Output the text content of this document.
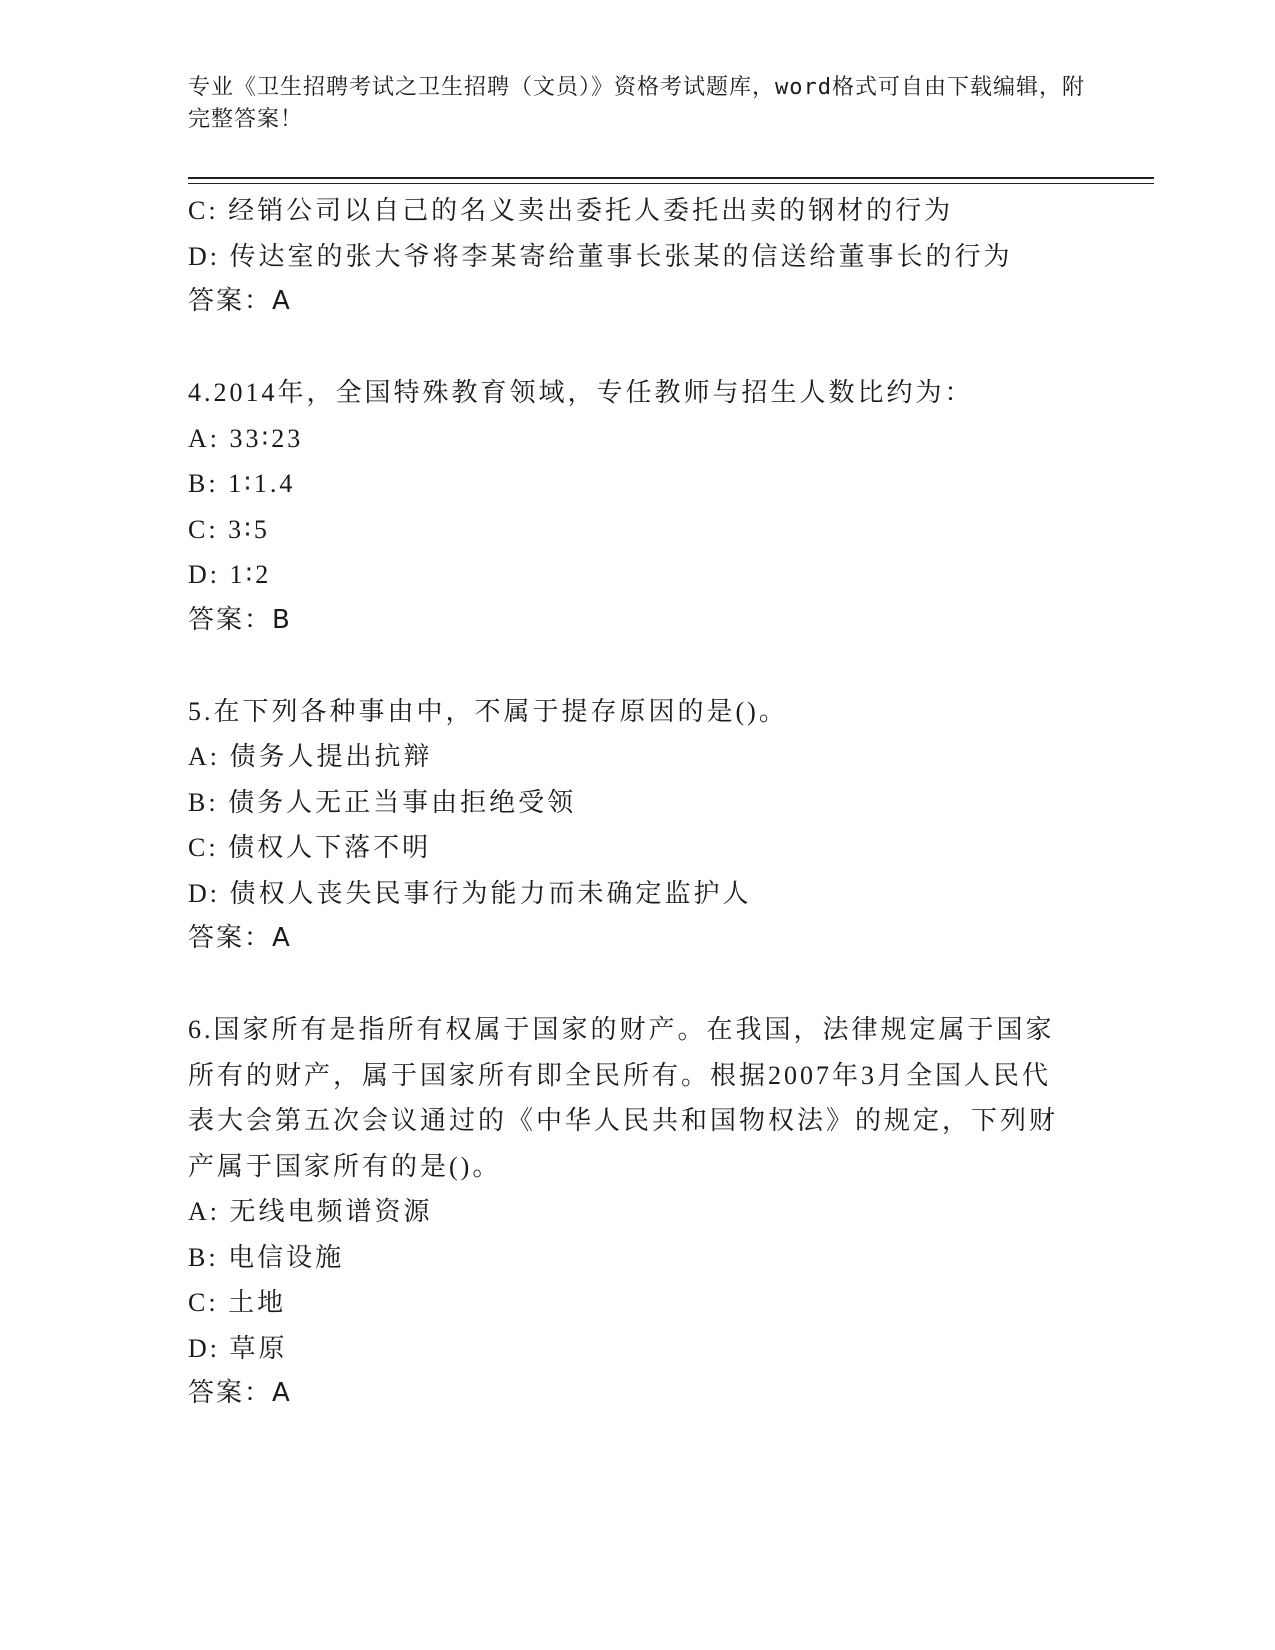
专业《卫生招聘考试之卫生招聘（文员）》资格考试题库，word格式可自由下载编辑，附完整答案！

C: 经销公司以自己的名义卖出委托人委托出卖的钢材的行为

D: 传达室的张大爷将李某寄给董事长张某的信送给董事长的行为

答案：A

4.2014年，全国特殊教育领域，专任教师与招生人数比约为：

A: 33∶23

B: 1∶1.4

C: 3∶5

D: 1∶2

答案：B

5.在下列各种事由中，不属于提存原因的是()。

A: 债务人提出抗辩

B: 债务人无正当事由拒绝受领

C: 债权人下落不明

D: 债权人丧失民事行为能力而未确定监护人

答案：A

6.国家所有是指所有权属于国家的财产。在我国，法律规定属于国家

所有的财产，属于国家所有即全民所有。根据2007年3月全国人民代

表大会第五次会议通过的《中华人民共和国物权法》的规定，下列财

产属于国家所有的是()。

A: 无线电频谱资源

B: 电信设施

C: 土地

D: 草原

答案：A
